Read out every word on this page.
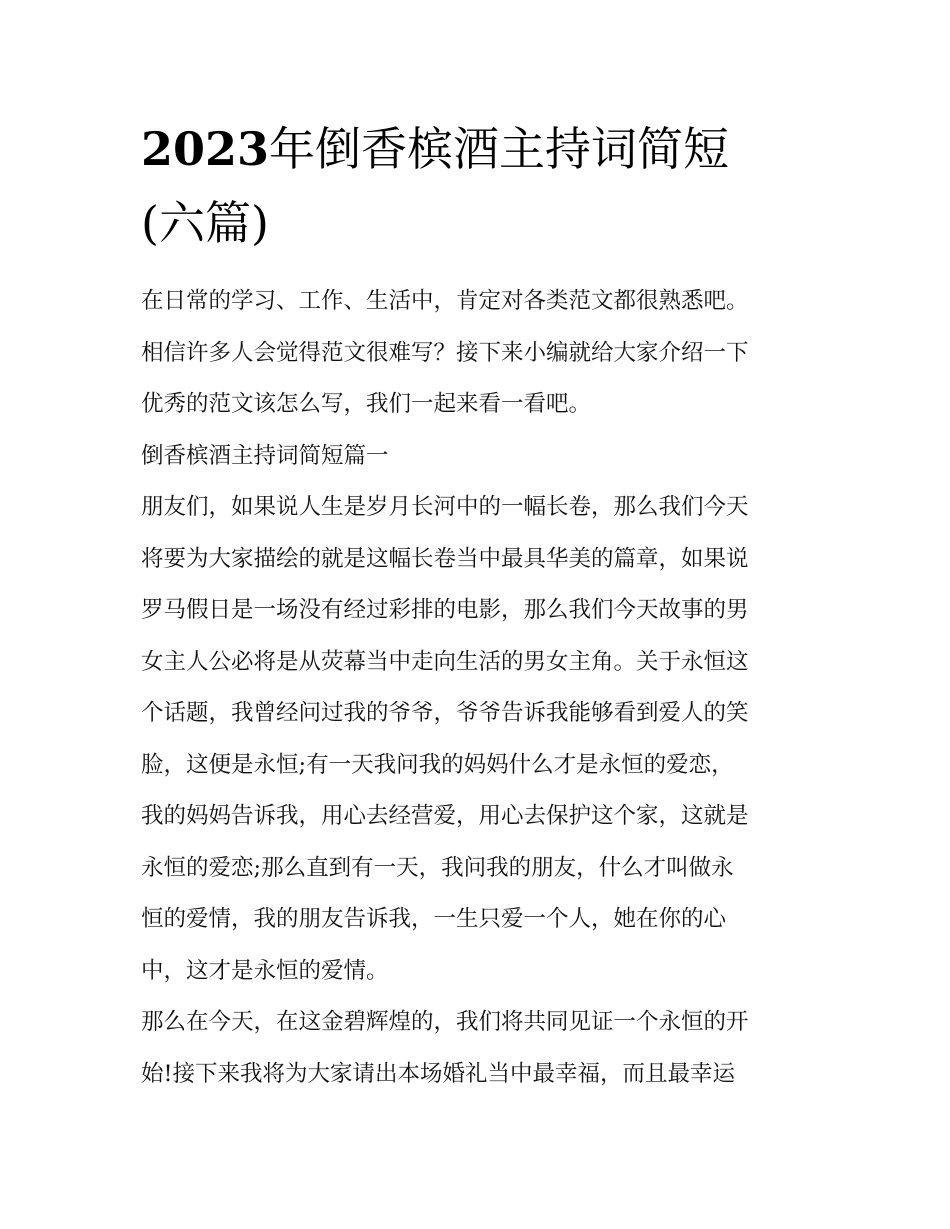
2023年倒香槟酒主持词简短
(六篇)
在日常的学习、工作、生活中，肯定对各类范文都很熟悉吧。
相信许多人会觉得范文很难写？接下来小编就给大家介绍一下
优秀的范文该怎么写，我们一起来看一看吧。
倒香槟酒主持词简短篇一
朋友们，如果说人生是岁月长河中的一幅长卷，那么我们今天
将要为大家描绘的就是这幅长卷当中最具华美的篇章，如果说
罗马假日是一场没有经过彩排的电影，那么我们今天故事的男
女主人公必将是从荧幕当中走向生活的男女主角。关于永恒这
个话题，我曾经问过我的爷爷，爷爷告诉我能够看到爱人的笑
脸，这便是永恒;有一天我问我的妈妈什么才是永恒的爱恋，
我的妈妈告诉我，用心去经营爱，用心去保护这个家，这就是
永恒的爱恋;那么直到有一天，我问我的朋友，什么才叫做永
恒的爱情，我的朋友告诉我，一生只爱一个人，她在你的心
中，这才是永恒的爱情。
那么在今天，在这金碧辉煌的，我们将共同见证一个永恒的开
始!接下来我将为大家请出本场婚礼当中最幸福，而且最幸运
